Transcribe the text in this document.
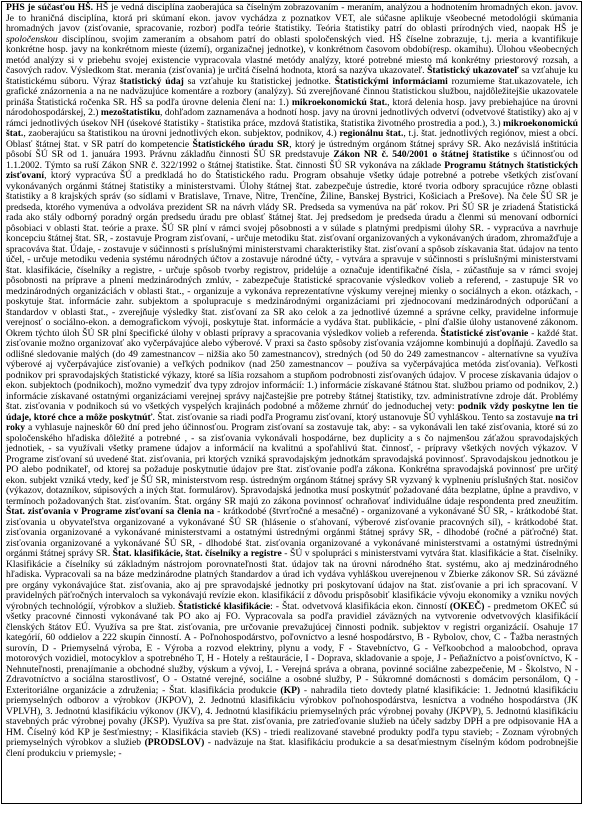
PHS je súčasťou HŠ. HŠ je vedná disciplína zaoberajúca sa číselným zobrazovaním - meraním, analýzou a hodnotením hromadných ekon. javov. Je to hraničná disciplína, ktorá pri skúmaní ekon. javov vychádza z poznatkov VET, ale súčasne aplikuje všeobecné metodológii skúmania hromadných javov (zisťovanie, spracovanie, rozbor) podľa teórie štatistiky. Teória štatistiky patrí do oblasti prírodných vied, naopak HŠ je spoločenskou disciplínou, svojim zameraním a obsahom patrí do oblasti spoločenských vied. HŠ číselne zobrazuje, t.j. meria a kvantifikuje konkrétne hosp. javy na konkrétnom mieste (území), organizačnej jednotke), v konkrétnom časovom období(resp. okamihu). Úlohou všeobecných metód analýzy si v priebehu svojej existencie vypracovala vlastné metódy analýzy, ktoré potrebné miesto má konkrétny priestorový rozsah, a časových radov. Výsledkom štat. merania (zisťovania) je určitá číselná hodnota, ktorá sa nazýva ukazovateľ. Štatistický ukazovateľ sa vzťahuje ku štatistickému súboru. Výraz štatistický údaj sa vzťahuje ku štatistickej jednotke. Štatistickými informáciami rozumieme štat.ukazovatele, ich grafické znázornenia a na ne nadväzujúce komentáre a rozbory (analýzy). Sú zverejňované činnou štatistickou službou, najdôležitejšie ukazovatele prináša Štatistická ročenka SR. HŠ sa podľa úrovne delenia člení na: 1.) mikroekonomickú štat., ktorá delenia hosp. javy prebiehajúce na úrovni národohospodárskej, 2.) mezoštatistiku, dohľadom zaznamenáva a hodnotí hosp. javy na úrovni jednotlivých odvetví (odvetvové štatistiky) ako aj v rámci jednotlivých úsekov NH (úsekové štatistiky - štatistika práce, mzdová štatistika, štatistika životného prostredia a pod.), 3.) mikroekonomickú štat., zaoberajúcu sa štatistikou na úrovni jednotlivých ekon. subjektov, podnikov, 4.) regionálnu štat., t.j. štat. jednotlivých regiónov, miest a obcí. Oblasť štátnej štat. v SR patrí do kompetencie Štatistického úradu SR, ktorý je ústredným orgánom štátnej správy SR. Ako nezávislá inštitúcia pôsobí ŠÚ SR od 1. januára 1993. Právnu základňu činnosti ŠÚ SR predstavuje Zákon NR č. 540/2001 o štátnej štatistike s účinnosťou od 1.1.2002. Týmto sa ruší Zákon SNR č. 322/1992 o štátnej štatistike. Štat. činnosti ŠÚ SR vykonáva na základe Programu štátnych štatistických zisťovaní, ktorý vypracúva ŠÚ a predkladá ho do Štatistického radu. Program obsahuje všetky údaje potrebné a potrebe všetkých zisťovaní vykonávaných orgánmi štátnej štatistiky a ministerstvami. Úlohy štátnej štat. zabezpečuje ústredie, ktoré tvoria odbory spracujúce rôzne oblasti štatistiky a 8 krajských správ (so sídlami v Bratislave, Trnave, Nitre, Trenčíne, Žiline, Banskej Bystrici, Košiciach a Prešove). Na čele ŠÚ SR je predseda, ktorého vymenúva a odvoláva prezident SR na návrh vlády SR. Predseda sa vymenúva na päť rokov. Pri ŠÚ SR je zriadená Štatistická rada ako stály odborný poradný orgán predsedu úradu pre oblasť štátnej štat. Jej predsedom je predseda úradu a členmi sú menovaní odborníci pôsobiaci v oblasti štat. teórie a praxe. ŠÚ SR plní v rámci svojej pôsobnosti a v súlade s platnými predpismi úlohy SR. - vypracúva a navrhuje koncepciu štátnej štat. SR, - zostavuje Program zisťovaní, - určuje metodiku štat. zisťovaní organizovaných a vykonávaných úradom, zhromažďuje a spracováva štat. Údaje, - zostavuje v súčinnosti s príslušnými ministerstvami charakteristiky štat. zisťovaní a spôsob získavania štat. údajov na tento účel, - určuje metodiku vedenia systému národných účtov a zostavuje národné účty, - vytvára a spravuje v súčinnosti s príslušnými ministerstvami štat. klasifikácie, číselníky a registre, - určuje spôsob tvorby registrov, pridelúje a označuje identifikačné čísla, - zúčastňuje sa v rámci svojej pôsobnosti na príprave a plnení medzinárodných zmlúv, - zabezpečuje štatistické spracovanie výsledkov volieb a referend, - zastupuje SR vo medzinárodných organizáciách v oblasti štat., - organizuje a vykonáva reprezentatívne výskumy verejnej mienky o sociálnych a ekon. otázkach, - poskytuje štat. informácie zahr. subjektom a spolupracuje s medzinárodnými organizáciami pri zjednocovaní medzinárodných odporúčaní a štandardov v oblasti štat., - zverejňuje výsledky štat. zisťovaní za SR ako celok a za jednotlivé územné a správne celky, pravidelne informuje verejnosť o sociálno-ekon. a demografickom vývoji, poskytuje štat. informácie a vydáva štat. publikácie, - plní ďalšie úlohy ustanovené zákonom. Okrem týchto úloh ŠÚ SR plní špecifické úlohy v oblasti prípravy a spracovania výsledkov volieb a referenda. Štatistické zisťovanie - každé štat. zisťovanie možno organizovať ako vyčerpávajúce alebo výberové. V praxi sa často spôsoby zisťovania vzájomne kombinujú a dopĺňajú. Zavedlo sa odlišné sledovanie malých (do 49 zamestnancov – nižšia ako 50 zamestnancov), stredných (od 50 do 249 zamestnancov - alternatívne sa využíva výberové aj vyčerpávajúce zisťovanie) a veľkých podnikov (nad 250 zamestnancov – používa sa vyčerpávajúca metóda zisťovania). Veľkosti podnikov pri spravodajských štatistické výkazy, ktoré sa líšia rozsahom a stupňom podrobnosti zisťovaných údajov. V procese získavania údajov o ekon. subjektoch (podnikoch), možno vymedziť dva typy zdrojov informácií: 1.) informácie získavané štátnou štat. službou priamo od podnikov, 2.) informácie získavané ostatnými organizáciami verejnej správy najčastejšie pre potreby štátnej štatistiky, tzv. administratívne zdroje dát. Problémy štat. zisťovania v podnikoch sú vo všetkých vyspelých krajinách podobné a môžeme zhrnúť do jednoduchej vety: podnik vždy poskytne len tie údaje, ktoré chce a môže poskytnúť. Štat. zisťovanie sa riadi podľa Programu zisťovaní, ktorý ustanovuje ŠÚ vyhláškou. Tento sa zostavuje na tri roky a vyhlasuje najneskôr 60 dní pred jeho účinnosťou. Program zisťovaní sa zostavuje tak, aby: - sa vykonávali len také zisťovania, ktoré sú zo spoločenského hľadiska dôležité a potrebné , - sa zisťovania vykonávali hospodárne, bez duplicity a s čo najmenšou záťažou spravodajských jednotiek, - sa využívali všetky pramene údajov a informácií na kvalitnú a spoľahlivú štat. činnosť, - prípravy všetkých nových výkazov. V Programe zisťovaní sú uvedené štat. zisťovania, pri ktorých vzniká spravodajským jednotkám spravodajská povinnosť. Spravodajskou jednotkou je PO alebo podnikateľ, od ktorej sa požaduje poskytnutie údajov pre štat. zisťovanie podľa zákona. Konkrétna spravodajská povinnosť pre určitý ekon. subjekt vzniká vtedy, keď je ŠÚ SR, ministerstvom resp. ústredným orgánom štátnej správy SR vyzvaný k vyplneniu príslušných štat. nosičov (výkazov, dotazníkov, súpisových a iných štat. formulárov). Spravodajská jednotka musí poskytnúť požadované dáta bezplatne, úplne a pravdivo, v termínoch požadovaných štat. zisťovaním. Štat. orgány SR majú zo zákona povinnosť ochraňovať individuálne údaje respondenta pred zneužitím. Štat. zisťovania v Programe zisťovaní sa členia na - krátkodobé (štvrťročné a mesačné) - organizované a vykonávané ŠÚ SR, - krátkodobé štat. zisťovania u obyvateľstva organizované a vykonávané ŠÚ SR (hlásenie o sťahovaní, výberové zisťovanie pracovných síl), - krátkodobé štat. zisťovania organizované a vykonávané ministerstvami a ostatnými ústrednými orgánmi štátnej správy SR, - dlhodobé (ročné a päťročné) štat. zisťovania organizované a vykonávané ŠÚ SR, - dlhodobé štat. zisťovania organizované a vykonávané ministerstvami a ostatnými ústrednými orgánmi štátnej správy SR. Štat. klasifikácie, štat. číselníky a registre - ŠÚ v spolupráci s ministerstvami vytvára štat. klasifikácie a štat. číselníky. Klasifikácie a číselníky sú základným nástrojom porovnateľnosti štat. údajov tak na úrovni národného štat. systému, ako aj medzinárodného hľadiska. Vypracovali sa na báze medzinárodne platných štandardov a úrad ich vydáva vyhláškou uverejnenou v Zbierke zákonov SR. Sú záväzné pre orgány vykonávajúce štat. zisťovania, ako aj pre spravodajské jednotky pri poskytovaní údajov na štat. zisťovanie a pri ich spracovaní. V pravidelných päťročných intervaloch sa vykonávajú revízie ekon. klasifikácií z dôvodu prispôsobiť klasifikácie vývoju ekonomiky a vzniku nových výrobných technológií, výrobkov a služieb. Štatistické klasifikácie: - Štat. odvetvová klasifikácia ekon. činností (OKEČ) - predmetom OKEČ sú všetky pracovné činnosti vykonávané tak PO ako aj FO. Vypracovala sa podľa pravidiel záväzných na vytvorenie odvetvových klasifikácií členských štátov EÚ. Využíva sa pre štat. zisťovania, pre určovanie prevažujúcej činnosti podnik. subjektov v registri organizácií. Osahuje 17 kategórií, 60 oddielov a 222 skupín činností. A - Poľnohospodárstvo, poľovníctvo a lesné hospodárstvo, B - Rybolov, chov, C - Ťažba nerastných surovín, D - Priemyselná výroba, E - Výroba a rozvod elektriny, plynu a vody, F - Stavebníctvo, G - Veľkoobchod a maloobchod, oprava motorových vozidiel, motocyklov a spotrebného T, H - Hotely a reštaurácie, I - Doprava, skladovanie a spoje, J - Peňažníctvo a poisťovníctvo, K - Nehnuteľnosti, prenajímanie a obchodné služby, výskum a vývoj, L - Verejná správa a obrana, povinné sociálne zabezpečenie, M - Školstvo, N - Zdravotníctvo a sociálna starostlivosť, O - Ostatné verejné, sociálne a osobné služby, P - Súkromné domácnosti s domácim personálom, Q - Exteritoriálne organizácie a združenia; - Štat. klasifikácia produkcie (KP) - nahradila tieto dovtedy platné klasifikácie: 1. Jednotnú klasifikáciu priemyselných odborov a výrobkov (JKPOV), 2. Jednotnú klasifikáciu výrobkov poľnohospodárstva, lesníctva a vodného hospodárstva (JK VPLVH), 3. Jednotnú klasifikáciu výkonov (JKV), 4. Jednotnú klasifikáciu priemyselných prác výrobnej povahy (JKPVP), 5. Jednotnú klasifikáciu stavebných prác výrobnej povahy (JKSP). Využíva sa pre štat. zisťovania, pre zatrieďovanie služieb na účely sadzby DPH a pre odpisovanie HA a HM. Číselný kód KP je šesťmiestny; - Klasifikácia stavieb (KS) - triedi realizované stavebné produkty podľa typu stavieb; - Zoznam výrobných priemyselných výrobkov a služieb (PRODSLOV) - nadväzuje na štat. klasifikáciu produkcie a sa desaťmiestnym číselným kódom podrobnejšie člení produkciu v priemysle; -
